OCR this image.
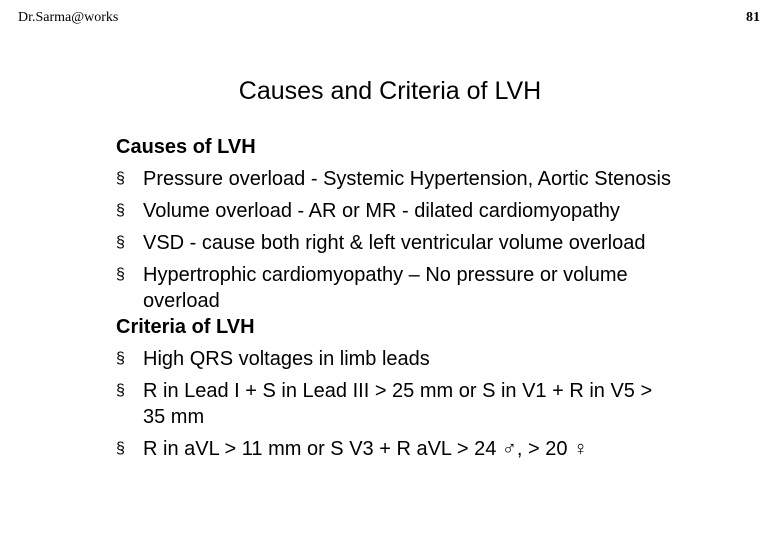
Dr.Sarma@works	81
Causes and Criteria of LVH
Causes of LVH
§ Pressure overload - Systemic Hypertension, Aortic Stenosis
§ Volume overload - AR or MR - dilated cardiomyopathy
§ VSD - cause both right & left ventricular volume overload
§ Hypertrophic cardiomyopathy – No pressure or volume overload
Criteria of LVH
§ High QRS voltages in limb leads
§ R in Lead I + S in Lead III > 25 mm or S in V1 + R in V5 > 35 mm
§ R in aVL > 11 mm or S V3 + R aVL > 24 ♂, > 20 ♀
